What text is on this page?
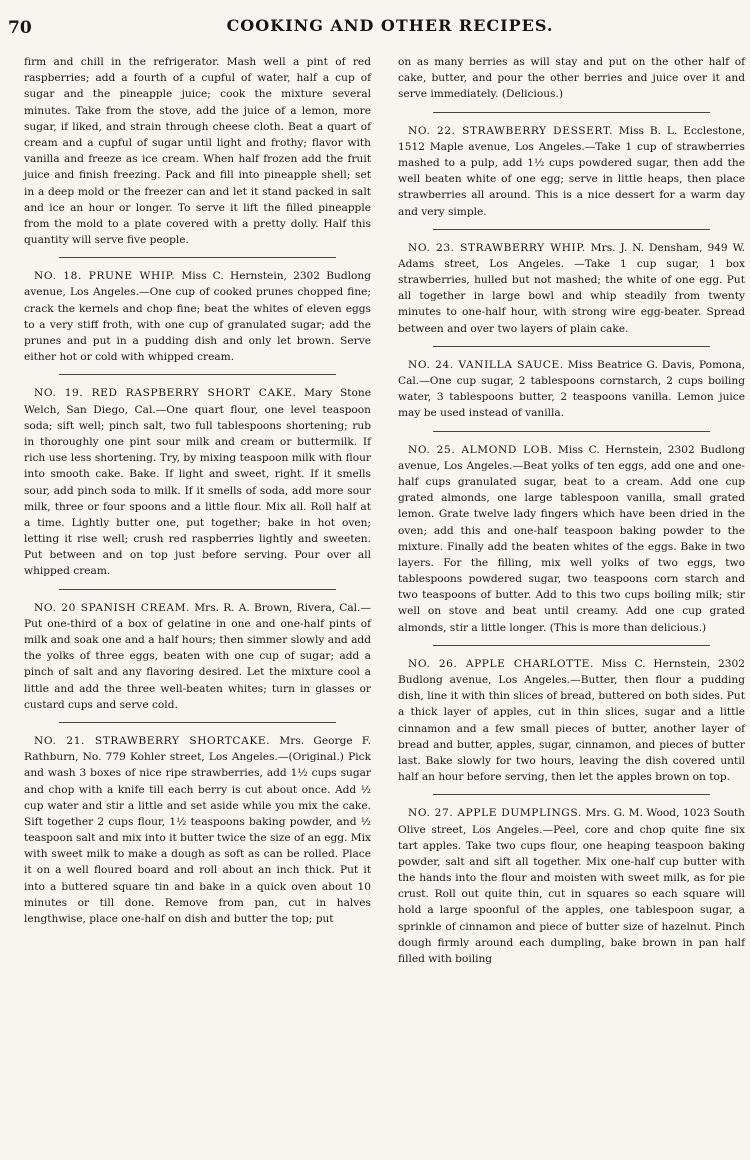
70	COOKING AND OTHER RECIPES.

firm and chill in the refrigerator. Mash well a pint of red raspberries; add a fourth of a cupful of water, half a cup of sugar and the pineapple juice; cook the mixture several minutes. Take from the stove, add the juice of a lemon, more sugar, if liked, and strain through cheese cloth. Beat a quart of cream and a cupful of sugar until light and frothy; flavor with vanilla and freeze as ice cream. When half frozen add the fruit juice and finish freezing. Pack and fill into pineapple shell; set in a deep mold or the freezer can and let it stand packed in salt and ice an hour or longer. To serve it lift the filled pineapple from the mold to a plate covered with a pretty dolly. Half this quantity will serve five people.

NO. 18. PRUNE WHIP. Miss C. Hernstein, 2302 Budlong avenue, Los Angeles.—One cup of cooked prunes chopped fine; crack the kernels and chop fine; beat the whites of eleven eggs to a very stiff froth, with one cup of granulated sugar; add the prunes and put in a pudding dish and only let brown. Serve either hot or cold with whipped cream.

NO. 19. RED RASPBERRY SHORT CAKE. Mary Stone Welch, San Diego, Cal.—One quart flour, one level teaspoon soda; sift well; pinch salt, two full tablespoons shortening; rub in thoroughly one pint sour milk and cream or buttermilk. If rich use less shortening. Try, by mixing teaspoon milk with flour into smooth cake. Bake. If light and sweet, right. If it smells sour, add pinch soda to milk. If it smells of soda, add more sour milk, three or four spoons and a little flour. Mix all. Roll half at a time. Lightly butter one, put together; bake in hot oven; letting it rise well; crush red raspberries lightly and sweeten. Put between and on top just before serving. Pour over all whipped cream.

NO. 20 SPANISH CREAM. Mrs. R. A. Brown, Rivera, Cal.—Put one-third of a box of gelatine in one and one-half pints of milk and soak one and a half hours; then simmer slowly and add the yolks of three eggs, beaten with one cup of sugar; add a pinch of salt and any flavoring desired. Let the mixture cool a little and add the three well-beaten whites; turn in glasses or custard cups and serve cold.

NO. 21. STRAWBERRY SHORTCAKE. Mrs. George F. Rathburn, No. 779 Kohler street, Los Angeles.—(Original.) Pick and wash 3 boxes of nice ripe strawberries, add 1½ cups sugar and chop with a knife till each berry is cut about once. Add ½ cup water and stir a little and set aside while you mix the cake. Sift together 2 cups flour, 1½ teaspoons baking powder, and ½ teaspoon salt and mix into it butter twice the size of an egg. Mix with sweet milk to make a dough as soft as can be rolled. Place it on a well floured board and roll about an inch thick. Put it into a buttered square tin and bake in a quick oven about 10 minutes or till done. Remove from pan, cut in halves lengthwise, place one-half on dish and butter the top; put

on as many berries as will stay and put on the other half of cake, butter, and pour the other berries and juice over it and serve immediately. (Delicious.)

NO. 22. STRAWBERRY DESSERT. Miss B. L. Ecclestone, 1512 Maple avenue, Los Angeles.—Take 1 cup of strawberries mashed to a pulp, add 1½ cups powdered sugar, then add the well beaten white of one egg; serve in little heaps, then place strawberries all around. This is a nice dessert for a warm day and very simple.

NO. 23. STRAWBERRY WHIP. Mrs. J. N. Densham, 949 W. Adams street, Los Angeles. —Take 1 cup sugar, 1 box strawberries, hulled but not mashed; the white of one egg. Put all together in large bowl and whip steadily from twenty minutes to one-half hour, with strong wire egg-beater. Spread between and over two layers of plain cake.

NO. 24. VANILLA SAUCE. Miss Beatrice G. Davis, Pomona, Cal.—One cup sugar, 2 tablespoons cornstarch, 2 cups boiling water, 3 tablespoons butter, 2 teaspoons vanilla. Lemon juice may be used instead of vanilla.

NO. 25. ALMOND LOB. Miss C. Hernstein, 2302 Budlong avenue, Los Angeles.—Beat yolks of ten eggs, add one and one-half cups granulated sugar, beat to a cream. Add one cup grated almonds, one large tablespoon vanilla, small grated lemon. Grate twelve lady fingers which have been dried in the oven; add this and one-half teaspoon baking powder to the mixture. Finally add the beaten whites of the eggs. Bake in two layers. For the filling, mix well yolks of two eggs, two tablespoons powdered sugar, two teaspoons corn starch and two teaspoons of butter. Add to this two cups boiling milk; stir well on stove and beat until creamy. Add one cup grated almonds, stir a little longer. (This is more than delicious.)

NO. 26. APPLE CHARLOTTE. Miss C. Hernstein, 2302 Budlong avenue, Los Angeles.—Butter, then flour a pudding dish, line it with thin slices of bread, buttered on both sides. Put a thick layer of apples, cut in thin slices, sugar and a little cinnamon and a few small pieces of butter, another layer of bread and butter, apples, sugar, cinnamon, and pieces of butter last. Bake slowly for two hours, leaving the dish covered until half an hour before serving, then let the apples brown on top.

NO. 27. APPLE DUMPLINGS. Mrs. G. M. Wood, 1023 South Olive street, Los Angeles.—Peel, core and chop quite fine six tart apples. Take two cups flour, one heaping teaspoon baking powder, salt and sift all together. Mix one-half cup butter with the hands into the flour and moisten with sweet milk, as for pie crust. Roll out quite thin, cut in squares so each square will hold a large spoonful of the apples, one tablespoon sugar, a sprinkle of cinnamon and piece of butter size of hazelnut. Pinch dough firmly around each dumpling, bake brown in pan half filled with boiling
